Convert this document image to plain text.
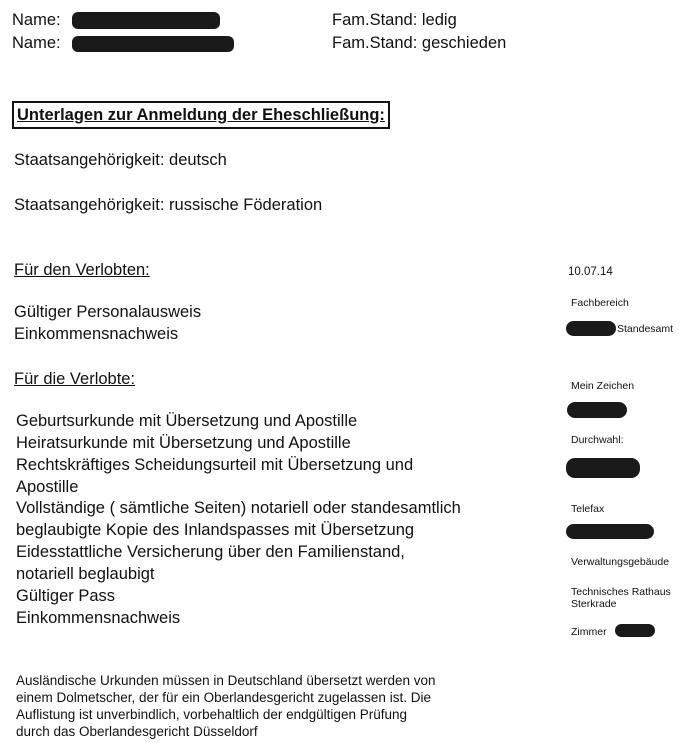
Name:	Fam.Stand: ledig
Name:	Fam.Stand: geschieden
Unterlagen zur Anmeldung der Eheschließung:
Staatsangehörigkeit: deutsch
Staatsangehörigkeit: russische Föderation
Für den Verlobten:
Gültiger Personalausweis
Einkommensnachweis
Für die Verlobte:
Geburtsurkunde mit Übersetzung und Apostille
Heiratsurkunde mit Übersetzung und Apostille
Rechtskräftiges Scheidungsurteil mit Übersetzung und
Apostille
Vollständige ( sämtliche Seiten) notariell oder standesamtlich
beglaubigte Kopie des Inlandspasses mit Übersetzung
Eidesstattliche Versicherung über den Familienstand,
notariell beglaubigt
Gültiger Pass
Einkommensnachweis
Ausländische Urkunden müssen in Deutschland übersetzt werden von
einem Dolmetscher, der für ein Oberlandesgericht zugelassen ist. Die
Auflistung ist unverbindlich, vorbehaltlich der endgültigen Prüfung
durch das Oberlandesgericht Düsseldorf
10.07.14
Fachbereich
Standesamt
Mein Zeichen
Durchwahl:
Telefax
Verwaltungsgebäude
Technisches Rathaus
Sterkrade
Zimmer
